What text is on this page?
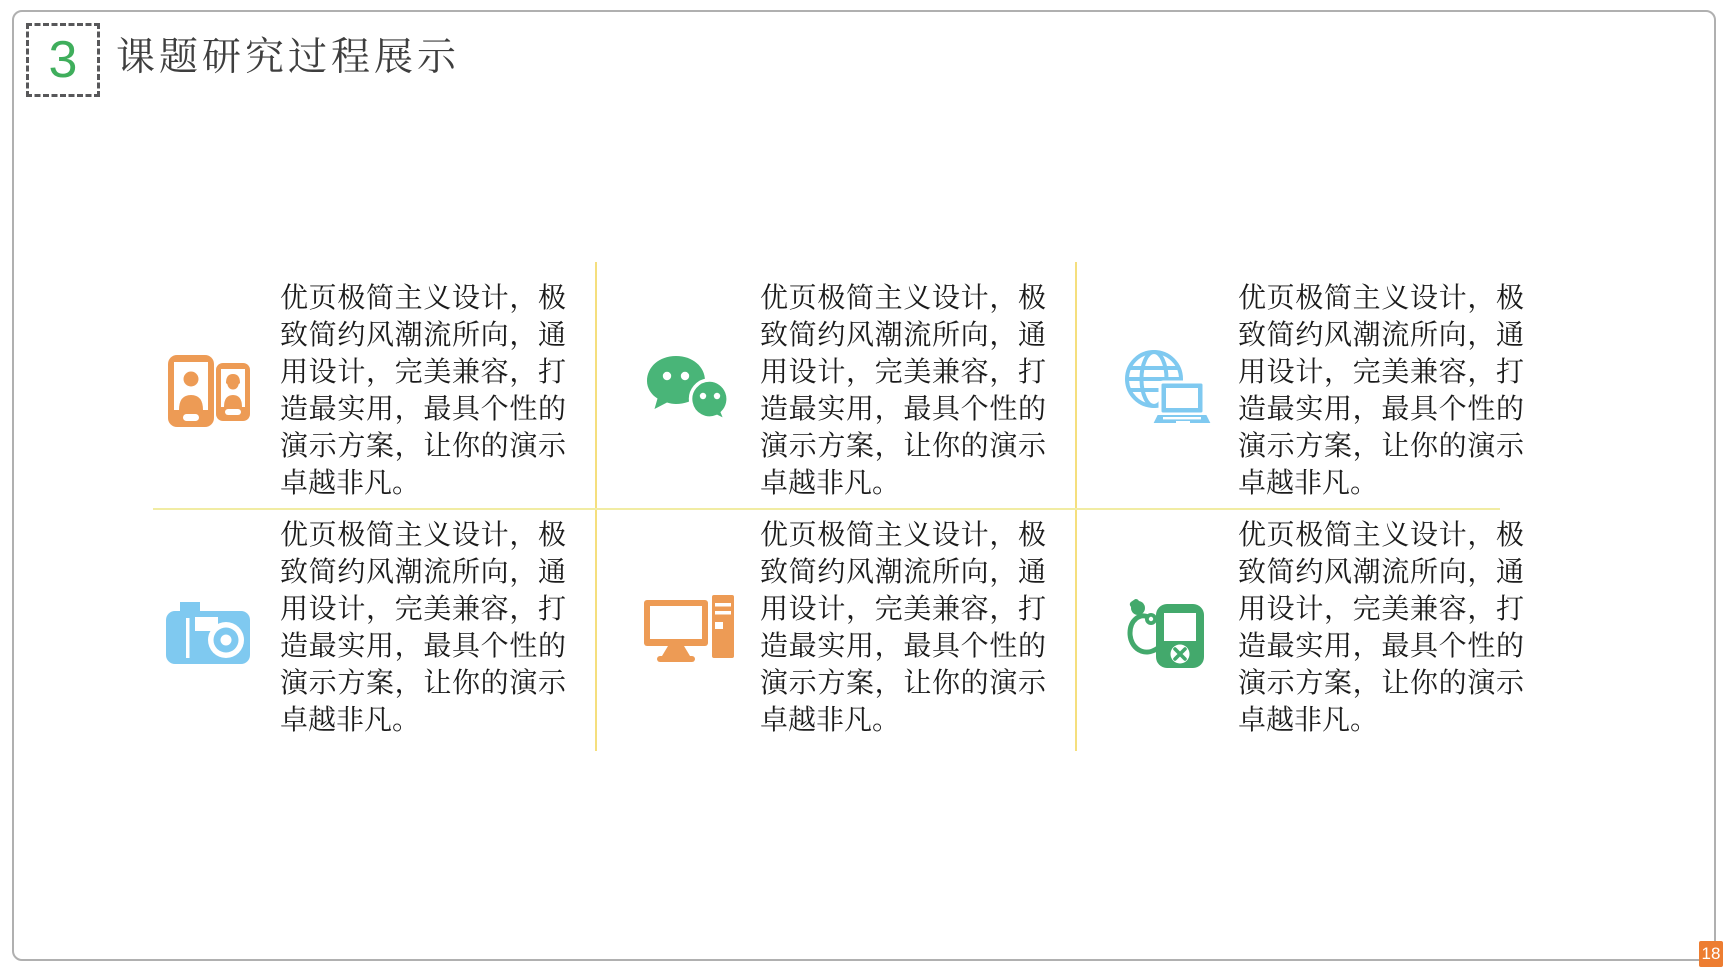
3 课题研究过程展示

优页极简主义设计，极致简约风潮流所向，通用设计，完美兼容，打造最实用，最具个性的演示方案，让你的演示卓越非凡。

优页极简主义设计，极致简约风潮流所向，通用设计，完美兼容，打造最实用，最具个性的演示方案，让你的演示卓越非凡。

优页极简主义设计，极致简约风潮流所向，通用设计，完美兼容，打造最实用，最具个性的演示方案，让你的演示卓越非凡。

优页极简主义设计，极致简约风潮流所向，通用设计，完美兼容，打造最实用，最具个性的演示方案，让你的演示卓越非凡。

优页极简主义设计，极致简约风潮流所向，通用设计，完美兼容，打造最实用，最具个性的演示方案，让你的演示卓越非凡。

优页极简主义设计，极致简约风潮流所向，通用设计，完美兼容，打造最实用，最具个性的演示方案，让你的演示卓越非凡。

18
